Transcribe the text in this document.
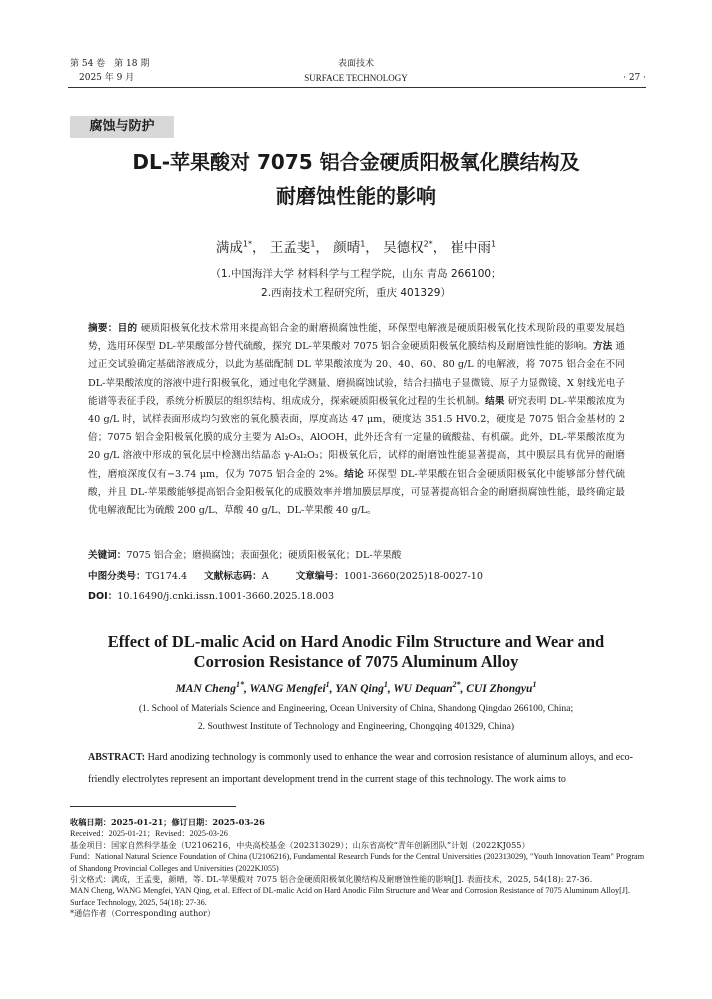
第 54 卷　第 18 期
2025 年 9 月
表面技术
SURFACE TECHNOLOGY	· 27 ·
腐蚀与防护
DL-苹果酸对 7075 铝合金硬质阳极氧化膜结构及
耐磨蚀性能的影响
满成$^{1*}$， 王孟斐$^1$， 颜晴$^1$， 吴德权$^{2*}$， 崔中雨$^1$
（1.中国海洋大学 材料科学与工程学院，山东 青岛 266100；
2.西南技术工程研究所，重庆 401329）
摘要：目的 硬质阳极氧化技术常用来提高铝合金的耐磨损腐蚀性能，环保型电解液是硬质阳极氧化技术现阶段的重要发展趋势，选用环保型 DL-苹果酸部分替代硫酸，探究 DL-苹果酸对 7075 铝合金硬质阳极氧化膜结构及耐磨蚀性能的影响。方法 通过正交试验确定基础溶液成分，以此为基础配制 DL 苹果酸浓度为 20、40、60、80 g/L 的电解液，将 7075 铝合金在不同 DL-苹果酸浓度的溶液中进行阳极氧化，通过电化学测量、磨损腐蚀试验，结合扫描电子显微镜、原子力显微镜、X 射线光电子能谱等表征手段，系统分析膜层的组织结构、组成成分，探索硬质阳极氧化过程的生长机制。结果 研究表明 DL-苹果酸浓度为 40 g/L 时，试样表面形成均匀致密的氧化膜表面，厚度高达 47 μm，硬度达 351.5 HV0.2，硬度是 7075 铝合金基材的 2 倍；7075 铝合金阳极氧化膜的成分主要为 Al₂O₃、AlOOH，此外还含有一定量的硫酸盐、有机碳。此外，DL-苹果酸浓度为 20 g/L 溶液中形成的氧化层中检测出结晶态 γ-Al₂O₃；阳极氧化后，试样的耐磨蚀性能显著提高，其中膜层具有优异的耐磨性，磨痕深度仅有−3.74 μm，仅为 7075 铝合金的 2%。结论 环保型 DL-苹果酸在铝合金硬质阳极氧化中能够部分替代硫酸，并且 DL-苹果酸能够提高铝合金阳极氧化的成膜效率并增加膜层厚度，可显著提高铝合金的耐磨损腐蚀性能，最终确定最优电解液配比为硫酸 200 g/L、草酸 40 g/L、DL-苹果酸 40 g/L。
关键词：7075 铝合金；磨损腐蚀；表面强化；硬质阳极氧化；DL-苹果酸
中图分类号：TG174.4 文献标志码：A	文章编号：1001-3660(2025)18-0027-10
DOI：10.16490/j.cnki.issn.1001-3660.2025.18.003
Effect of DL-malic Acid on Hard Anodic Film Structure and Wear and
Corrosion Resistance of 7075 Aluminum Alloy
MAN Cheng$^{1*}$, WANG Mengfei$^1$, YAN Qing$^1$, WU Dequan$^{2*}$, CUI Zhongyu$^1$
(1. School of Materials Science and Engineering, Ocean University of China, Shandong Qingdao 266100, China;
2. Southwest Institute of Technology and Engineering, Chongqing 401329, China)
ABSTRACT: Hard anodizing technology is commonly used to enhance the wear and corrosion resistance of aluminum alloys, and eco-friendly electrolytes represent an important development trend in the current stage of this technology. The work aims to
收稿日期：2025-01-21；修订日期：2025-03-26
Received：2025-01-21；Revised：2025-03-26
基金项目：国家自然科学基金（U2106216，中央高校基金（202313029）；山东省高校“青年创新团队”计划（2022KJ055）
Fund：National Natural Science Foundation of China (U2106216), Fundamental Research Funds for the Central Universities (202313029), "Youth Innovation Team" Program of Shandong Provincial Colleges and Universities (2022KJ055)
引文格式：满成，王孟斐，颜晴，等. DL-苹果酸对 7075 铝合金硬质阳极氧化膜结构及耐磨蚀性能的影响[J]. 表面技术，2025, 54(18): 27-36.
MAN Cheng, WANG Mengfei, YAN Qing, et al. Effect of DL-malic Acid on Hard Anodic Film Structure and Wear and Corrosion Resistance of 7075 Aluminum Alloy[J]. Surface Technology, 2025, 54(18): 27-36.
*通信作者（Corresponding author）
